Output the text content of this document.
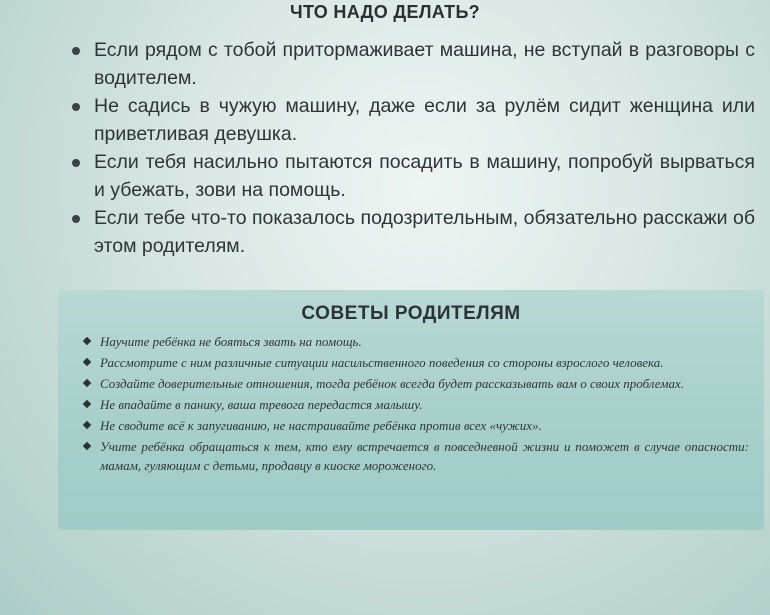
ЧТО НАДО ДЕЛАТЬ?
Если рядом с тобой притормаживает машина, не вступай в разговоры с водителем.
Не садись в чужую машину, даже если за рулём сидит женщина или приветливая девушка.
Если тебя насильно пытаются посадить в машину, попробуй вырваться и убежать, зови на помощь.
Если тебе что-то показалось подозрительным, обязательно расскажи об этом родителям.
СОВЕТЫ РОДИТЕЛЯМ
Научите ребёнка не бояться звать на помощь.
Рассмотрите с ним различные ситуации насильственного поведения со стороны взрослого человека.
Создайте доверительные отношения, тогда ребёнок всегда будет рассказывать вам о своих проблемах.
Не впадайте в панику, ваша тревога передастся малышу.
Не сводите всё к запугиванию, не настраивайте ребёнка против всех «чужих».
Учите ребёнка обращаться к тем, кто ему встречается в повседневной жизни и поможет в случае опасности: мамам, гуляющим с детьми, продавцу в киоске мороженого.
